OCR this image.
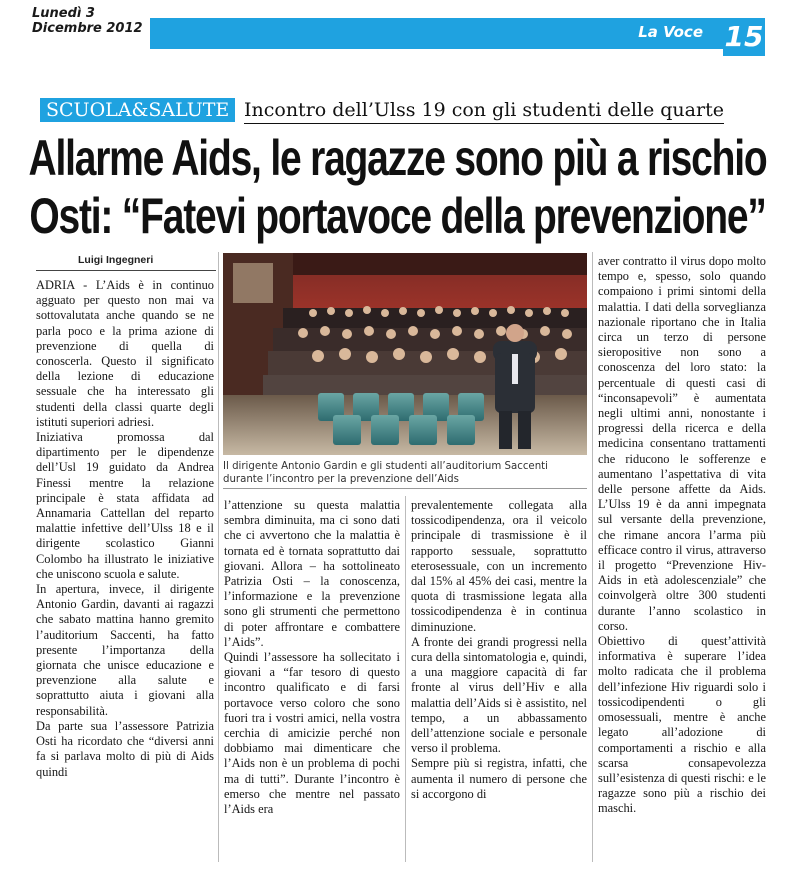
Lunedì 3
Dicembre 2012	La Voce 15
SCUOLA&SALUTE Incontro dell’Ulss 19 con gli studenti delle quarte
Allarme Aids, le ragazze sono più a rischio
Osti: “Fatevi portavoce della prevenzione”
Luigi Ingegneri
Il dirigente Antonio Gardin e gli studenti all’auditorium Saccenti durante l’incontro per la prevenzione dell’Aids

ADRIA - L’Aids è in continuo agguato per questo non mai va sottovalutata anche quando se ne parla poco e la prima azione di prevenzione di quella di conoscerla. Questo il significato della lezione di educazione sessuale che ha interessato gli studenti della classi quarte degli istituti superiori adriesi.

Iniziativa promossa dal dipartimento per le dipendenze dell’Usl 19 guidato da Andrea Finessi mentre la relazione principale è stata affidata ad Annamaria Cattellan del reparto malattie infettive dell’Ulss 18 e il dirigente scolastico Gianni Colombo ha illustrato le iniziative che uniscono scuola e salute.

In apertura, invece, il dirigente Antonio Gardin, davanti ai ragazzi che sabato mattina hanno gremito l’auditorium Saccenti, ha fatto presente l’importanza della giornata che unisce educazione e prevenzione alla salute e soprattutto aiuta i giovani alla responsabilità.

Da parte sua l’assessore Patrizia Osti ha ricordato che “diversi anni fa si parlava molto di più di Aids quindi

l’attenzione su questa malattia sembra diminuita, ma ci sono dati che ci avvertono che la malattia è tornata ed è tornata soprattutto dai giovani. Allora – ha sottolineato Patrizia Osti – la conoscenza, l’informazione e la prevenzione sono gli strumenti che permettono di poter affrontare e combattere l’Aids”.

Quindi l’assessore ha sollecitato i giovani a “far tesoro di questo incontro qualificato e di farsi portavoce verso coloro che sono fuori tra i vostri amici, nella vostra cerchia di amicizie perché non dobbiamo mai dimenticare che l’Aids non è un problema di pochi ma di tutti”. Durante l’incontro è emerso che mentre nel passato l’Aids era

prevalentemente collegata alla tossicodipendenza, ora il veicolo principale di trasmissione è il rapporto sessuale, soprattutto eterosessuale, con un incremento dal 15% al 45% dei casi, mentre la quota di trasmissione legata alla tossicodipendenza è in continua diminuzione.

A fronte dei grandi progressi nella cura della sintomatologia e, quindi, a una maggiore capacità di far fronte al virus dell’Hiv e alla malattia dell’Aids si è assistito, nel tempo, a un abbassamento dell’attenzione sociale e personale verso il problema.

Sempre più si registra, infatti, che aumenta il numero di persone che si accorgono di

aver contratto il virus dopo molto tempo e, spesso, solo quando compaiono i primi sintomi della malattia. I dati della sorveglianza nazionale riportano che in Italia circa un terzo di persone sieropositive non sono a conoscenza del loro stato: la percentuale di questi casi di “inconsapevoli” è aumentata negli ultimi anni, nonostante i progressi della ricerca e della medicina consentano trattamenti che riducono le sofferenze e aumentano l’aspettativa di vita delle persone affette da Aids. L’Ulss 19 è da anni impegnata sul versante della prevenzione, che rimane ancora l’arma più efficace contro il virus, attraverso il progetto “Prevenzione Hiv-Aids in età adolescenziale” che coinvolgerà oltre 300 studenti durante l’anno scolastico in corso.

Obiettivo di quest’attività informativa è superare l’idea molto radicata che il problema dell’infezione Hiv riguardi solo i tossicodipendenti o gli omosessuali, mentre è anche legato all’adozione di comportamenti a rischio e alla scarsa consapevolezza sull’esistenza di questi rischi: e le ragazze sono più a rischio dei maschi.
